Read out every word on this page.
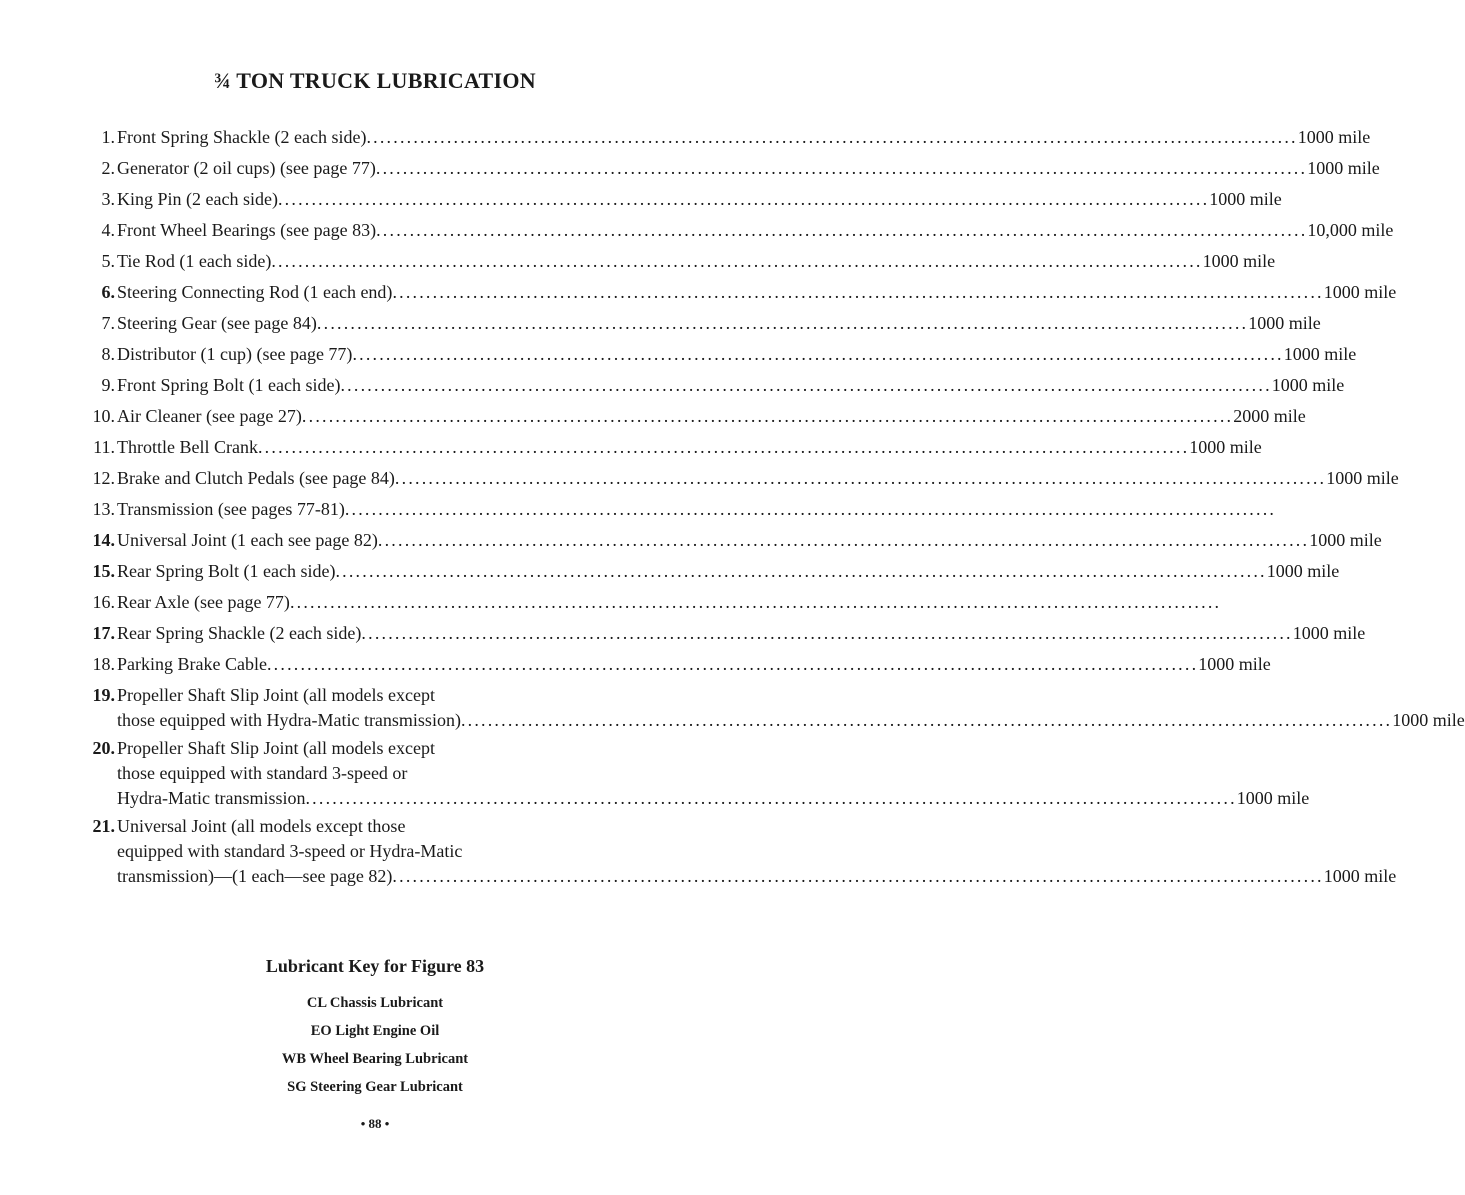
¾ TON TRUCK LUBRICATION
1. Front Spring Shackle (2 each side) .....	1000 mile
2. Generator (2 oil cups) (see page 77) .....	1000 mile
3. King Pin (2 each side) .....	1000 mile
4. Front Wheel Bearings (see page 83) .....	10,000 mile
5. Tie Rod (1 each side) .....	1000 mile
6. Steering Connecting Rod (1 each end) .....	1000 mile
7. Steering Gear (see page 84) .....	1000 mile
8. Distributor (1 cup) (see page 77) .....	1000 mile
9. Front Spring Bolt (1 each side) .....	1000 mile
10. Air Cleaner (see page 27) .....	2000 mile
11. Throttle Bell Crank .....	1000 mile
12. Brake and Clutch Pedals (see page 84) .....	1000 mile
13. Transmission (see pages 77-81)
.....
14. Universal Joint (1 each see page 82) .....	1000 mile
15. Rear Spring Bolt (1 each side) .....	1000 mile
16. Rear Axle (see page 77)
.....
17. Rear Spring Shackle (2 each side) .....	1000 mile
18. Parking Brake Cable .....	1000 mile
19. Propeller Shaft Slip Joint (all models except
those equipped with Hydra-Matic transmission) .....	1000 mile
20. Propeller Shaft Slip Joint (all models except
those equipped with standard 3-speed or
Hydra-Matic transmission .....	1000 mile
21. Universal Joint (all models except those
equipped with standard 3-speed or Hydra-Matic
transmission)—(1 each—see page 82) .....	1000 mile
Lubricant Key for Figure 83
CL Chassis Lubricant
EO Light Engine Oil
WB Wheel Bearing Lubricant
SG Steering Gear Lubricant
• 88 •
